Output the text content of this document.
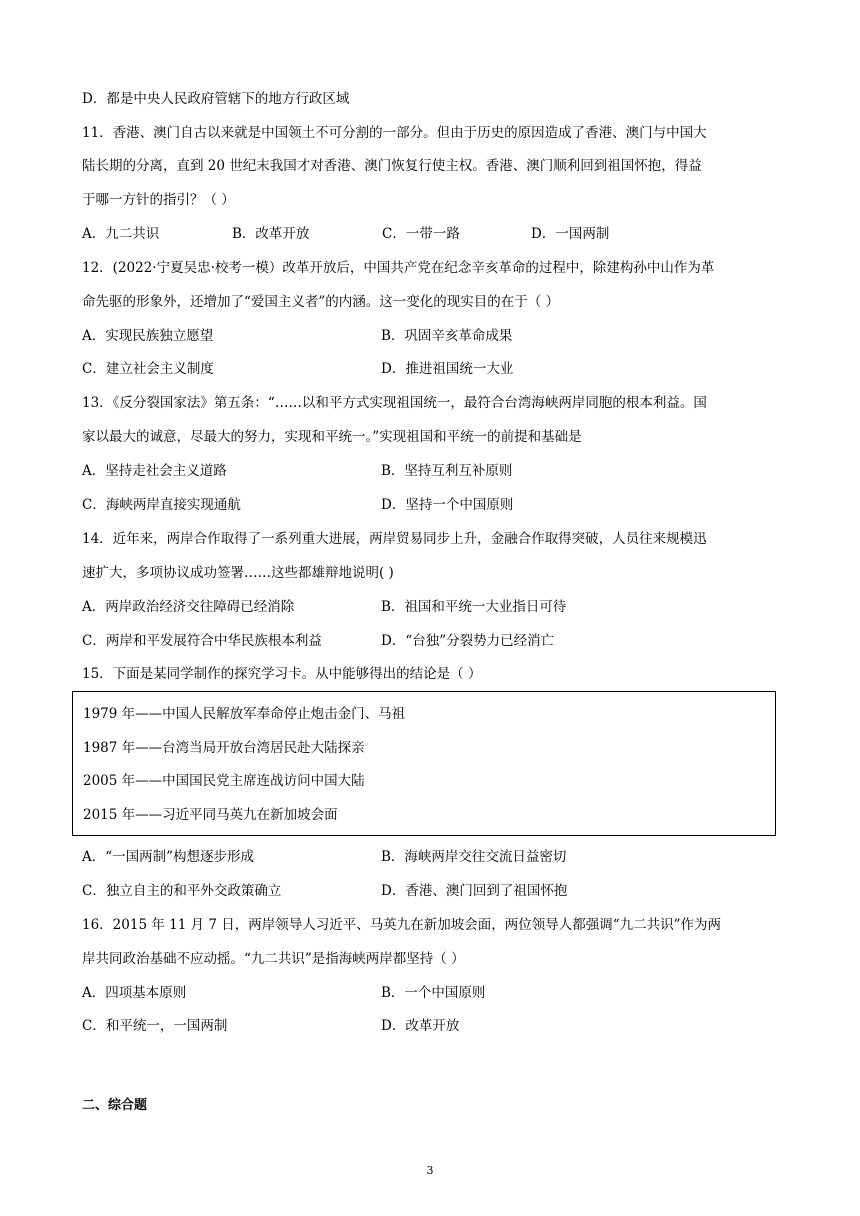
D．都是中央人民政府管辖下的地方行政区域
11．香港、澳门自古以来就是中国领土不可分割的一部分。但由于历史的原因造成了香港、澳门与中国大
陆长期的分离，直到 20 世纪末我国才对香港、澳门恢复行使主权。香港、澳门顺利回到祖国怀抱，得益
于哪一方针的指引？（ ）
A．九二共识	B．改革开放	C．一带一路	D．一国两制
12．(2022·宁夏吴忠·校考一模）改革开放后，中国共产党在纪念辛亥革命的过程中，除建构孙中山作为革
命先驱的形象外，还增加了“爱国主义者”的内涵。这一变化的现实目的在于（ ）
A．实现民族独立愿望	B．巩固辛亥革命成果
C．建立社会主义制度	D．推进祖国统一大业
13．《反分裂国家法》第五条：“……以和平方式实现祖国统一，最符合台湾海峡两岸同胞的根本利益。国
家以最大的诚意，尽最大的努力，实现和平统一。”实现祖国和平统一的前提和基础是
A．坚持走社会主义道路	B．坚持互利互补原则
C．海峡两岸直接实现通航	D．坚持一个中国原则
14．近年来，两岸合作取得了一系列重大进展，两岸贸易同步上升，金融合作取得突破，人员往来规模迅
速扩大，多项协议成功签署……这些都雄辩地说明( )
A．两岸政治经济交往障碍已经消除	B．祖国和平统一大业指日可待
C．两岸和平发展符合中华民族根本利益	D．“台独”分裂势力已经消亡
15．下面是某同学制作的探究学习卡。从中能够得出的结论是（ ）
1979 年——中国人民解放军奉命停止炮击金门、马祖
1987 年——台湾当局开放台湾居民赴大陆探亲
2005 年——中国国民党主席连战访问中国大陆
2015 年——习近平同马英九在新加坡会面
A．“一国两制”构想逐步形成	B．海峡两岸交往交流日益密切
C．独立自主的和平外交政策确立	D．香港、澳门回到了祖国怀抱
16．2015 年 11 月 7 日，两岸领导人习近平、马英九在新加坡会面，两位领导人都强调“九二共识”作为两
岸共同政治基础不应动摇。“九二共识”是指海峡两岸都坚持（ ）
A．四项基本原则	B．一个中国原则
C．和平统一，一国两制	D．改革开放
二、综合题
3
